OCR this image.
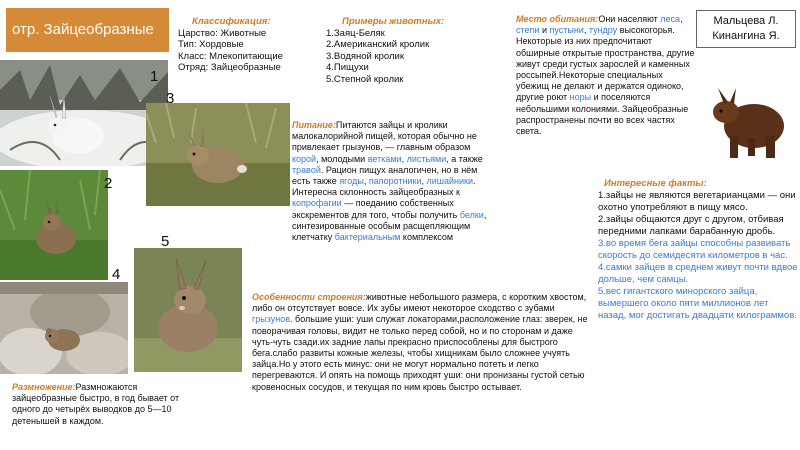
отр. Зайцеобразные	Мальцева Л.
Кинангина Я.
Классификация:
Царство: Животные
Тип: Хордовые
Класс: Млекопитающие
Отряд: Зайцеобразные
Примеры животных:
1.Заяц-Беляк
2.Американский кролик
3.Водяной кролик
4.Пищухи
5.Степной кролик
Место обитания:Они населяют леса, степи и пустыни, тундру высокогорья. Некоторые из них предпочитают обширные открытые пространства, другие живут среди густых зарослей и каменных россыпей.Некоторые специальных убежищ не делают и держатся одиноко, другие роют норы и поселяются небольшими колониями. Зайцеобразные распространены почти во всех частях света.
Питание:Питаются зайцы и кролики малокалорийной пищей, которая обычно не привлекает грызунов, — главным образом корой, молодыми ветками, листьями, а также травой. Рацион пищух аналогичен, но в нём есть также ягоды, папоротники, лишайники. Интересна склонность зайцеобразных к копрофагии — поеданию собственных экскрементов для того, чтобы получить белки, синтезированные особым расщепляющим клетчатку бактериальным комплексом
Интересные факты:
1.зайцы не являются вегетарианцами — они охотно употребляют в пищу мясо.
2.зайцы общаются друг с другом, отбивая передними лапками барабанную дробь.
3.во время бега зайцы способны развивать скорость до семидесяти километров в час.
4.самки зайцев в среднем живут почти вдвое дольше, чем самцы.
5.вес гигантского минорского зайца, вымершего около пяти миллионов лет назад, мог достигать двадцати килограммов.
Особенности строения:животные небольшого размера, с коротким хвостом, либо он отсутствует вовсе. Их зубы имеют некоторое сходство с зубами грызунов. большие уши: уши служат локаторами,расположение глаз: зверек, не поворачивая головы, видит не только перед собой, но и по сторонам и даже чуть-чуть сзади.их задние лапы прекрасно приспособлены для быстрого бега.слабо развиты кожные железы, чтобы хищникам было сложнее учуять зайца.Но у этого есть минус: они не могут нормально потеть и легко перегреваются. И опять на помощь приходят уши: они пронизаны густой сетью кровеносных сосудов, и текущая по ним кровь быстро остывает.
Размножение:Размножаются зайцеобразные быстро, в год бывает от одного до четырёх выводков до 5—10 детенышей в каждом.
1
3
2
4
5
